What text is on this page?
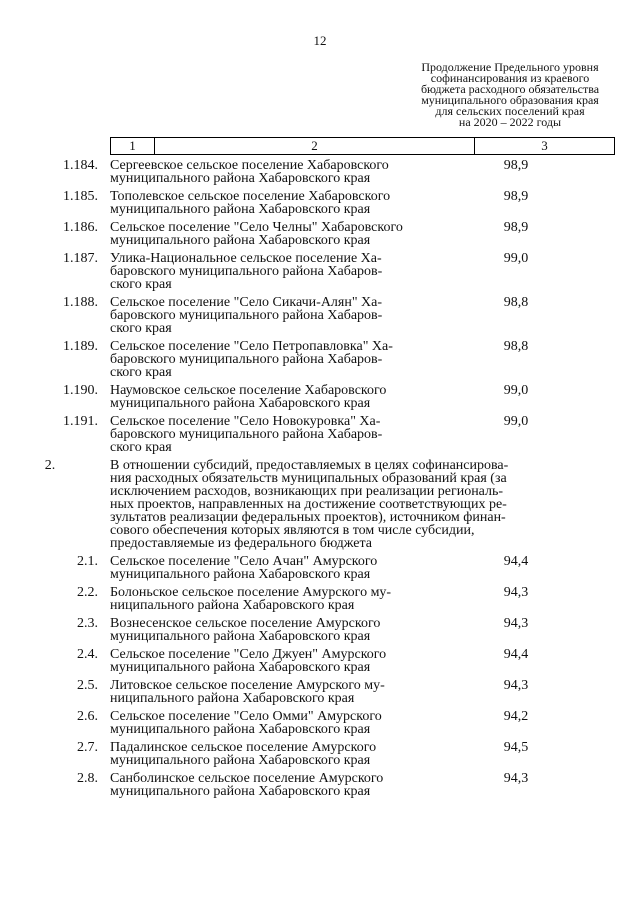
12
Продолжение Предельного уровня
софинансирования из краевого
бюджета расходного обязательства
муниципального образования края
для сельских поселений края
на 2020 – 2022 годы
1	2	3
1.184. Сергеевское сельское поселение Хабаровского
муниципального района Хабаровского края
98,9
1.185. Тополевское сельское поселение Хабаровского
муниципального района Хабаровского края
98,9
1.186. Сельское поселение "Село Челны" Хабаровского
муниципального района Хабаровского края
98,9
1.187. Улика-Национальное сельское поселение Ха-
баровского муниципального района Хабаров-
ского края
99,0
1.188. Сельское поселение "Село Сикачи-Алян" Ха-
баровского муниципального района Хабаров-
ского края
98,8
1.189. Сельское поселение "Село Петропавловка" Ха-
баровского муниципального района Хабаров-
ского края
98,8
1.190. Наумовское сельское поселение Хабаровского
муниципального района Хабаровского края
99,0
1.191. Сельское поселение "Село Новокуровка" Ха-
баровского муниципального района Хабаров-
ского края
99,0
2.	В отношении субсидий, предоставляемых в целях софинансирова-
ния расходных обязательств муниципальных образований края (за
исключением расходов, возникающих при реализации региональ-
ных проектов, направленных на достижение соответствующих ре-
зультатов реализации федеральных проектов), источником финан-
сового обеспечения которых являются в том числе субсидии,
предоставляемые из федерального бюджета
2.1. Сельское поселение "Село Ачан" Амурского
муниципального района Хабаровского края
94,4
2.2. Болоньское сельское поселение Амурского му-
ниципального района Хабаровского края
94,3
2.3. Вознесенское сельское поселение Амурского
муниципального района Хабаровского края
94,3
2.4. Сельское поселение "Село Джуен" Амурского
муниципального района Хабаровского края
94,4
2.5. Литовское сельское поселение Амурского му-
ниципального района Хабаровского края
94,3
2.6. Сельское поселение "Село Омми" Амурского
муниципального района Хабаровского края
94,2
2.7. Падалинское сельское поселение Амурского
муниципального района Хабаровского края
94,5
2.8. Санболинское сельское поселение Амурского
муниципального района Хабаровского края
94,3
